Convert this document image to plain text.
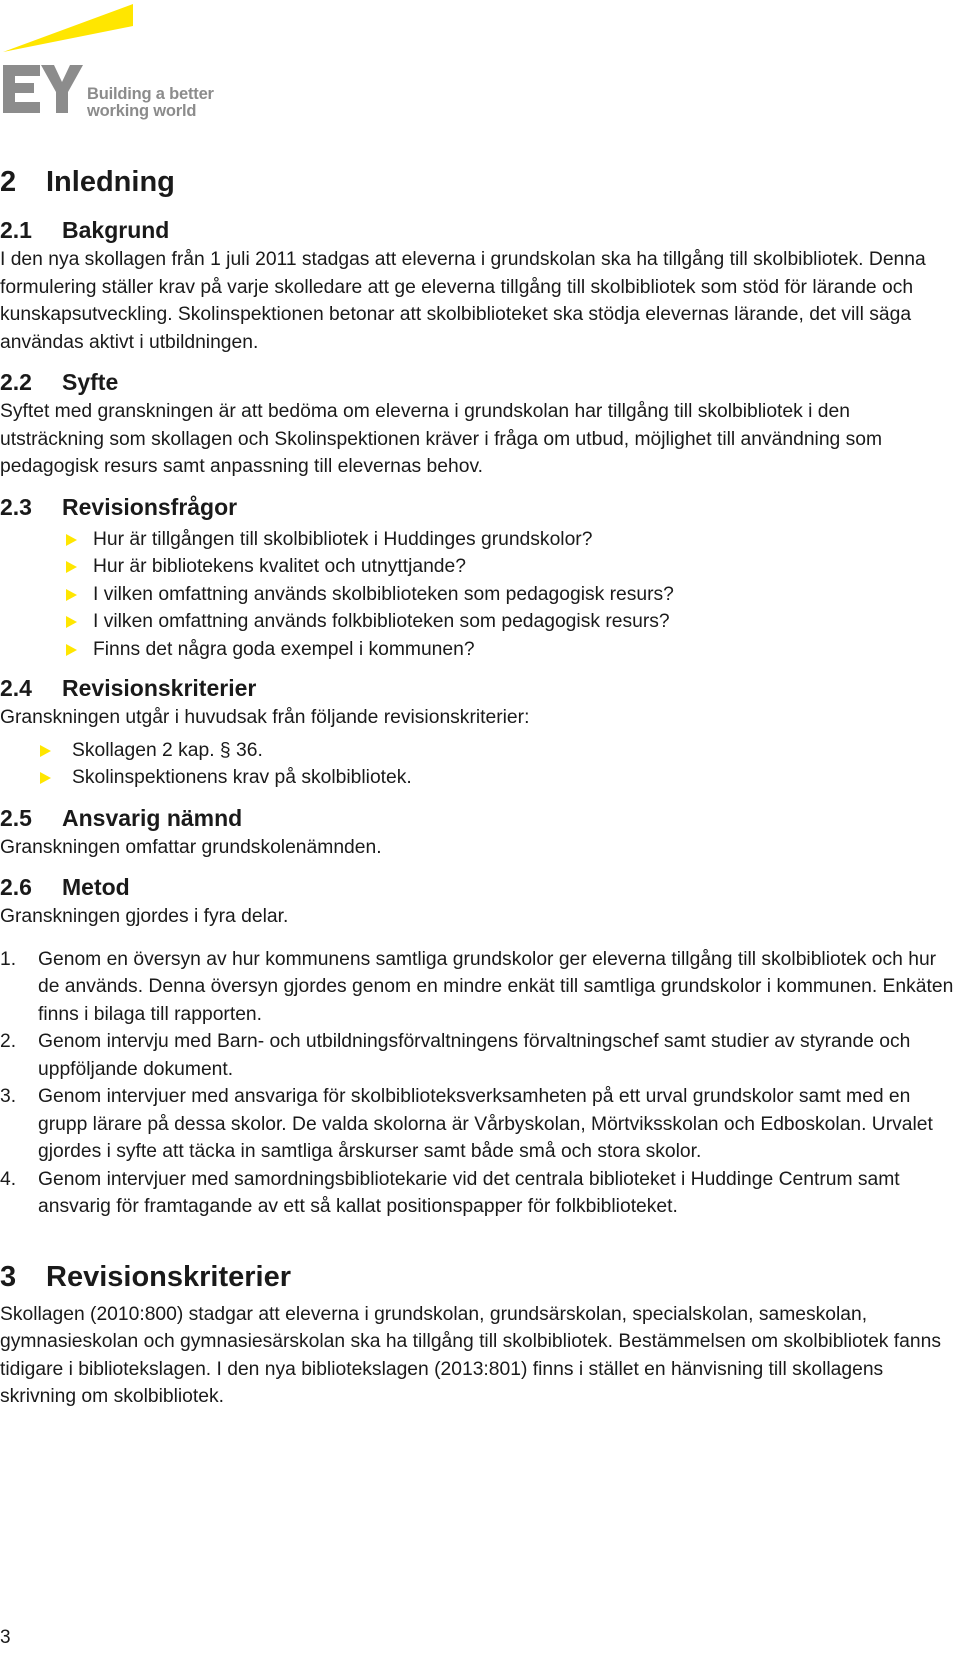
Building a better
working world
2	Inledning
2.1	Bakgrund

I den nya skollagen från 1 juli 2011 stadgas att eleverna i grundskolan ska ha tillgång till skolbibliotek. Denna formulering ställer krav på varje skolledare att ge eleverna tillgång till skolbibliotek som stöd för lärande och kunskapsutveckling. Skolinspektionen betonar att skolbiblioteket ska stödja elevernas lärande, det vill säga användas aktivt i utbildningen.

2.2	Syfte

Syftet med granskningen är att bedöma om eleverna i grundskolan har tillgång till skolbibliotek i den utsträckning som skollagen och Skolinspektionen kräver i fråga om utbud, möjlighet till användning som pedagogisk resurs samt anpassning till elevernas behov.

2.3	Revisionsfrågor
Hur är tillgången till skolbibliotek i Huddinges grundskolor?
Hur är bibliotekens kvalitet och utnyttjande?
I vilken omfattning används skolbiblioteken som pedagogisk resurs?
I vilken omfattning används folkbiblioteken som pedagogisk resurs?
Finns det några goda exempel i kommunen?
2.4	Revisionskriterier

Granskningen utgår i huvudsak från följande revisionskriterier:

Skollagen 2 kap. § 36.
Skolinspektionens krav på skolbibliotek.
2.5	Ansvarig nämnd

Granskningen omfattar grundskolenämnden.

2.6	Metod

Granskningen gjordes i fyra delar.

1. Genom en översyn av hur kommunens samtliga grundskolor ger eleverna tillgång till skolbibliotek och hur de används. Denna översyn gjordes genom en mindre enkät till samtliga grundskolor i kommunen. Enkäten finns i bilaga till rapporten.
2. Genom intervju med Barn- och utbildningsförvaltningens förvaltningschef samt studier av styrande och uppföljande dokument.
3. Genom intervjuer med ansvariga för skolbiblioteksverksamheten på ett urval grundskolor samt med en grupp lärare på dessa skolor. De valda skolorna är Vårbyskolan, Mörtviksskolan och Edboskolan. Urvalet gjordes i syfte att täcka in samtliga årskurser samt både små och stora skolor.
4. Genom intervjuer med samordningsbibliotekarie vid det centrala biblioteket i Huddinge Centrum samt ansvarig för framtagande av ett så kallat positionspapper för folkbiblioteket.
3	Revisionskriterier

Skollagen (2010:800) stadgar att eleverna i grundskolan, grundsärskolan, specialskolan, sameskolan, gymnasieskolan och gymnasiesärskolan ska ha tillgång till skolbibliotek. Bestämmelsen om skolbibliotek fanns tidigare i bibliotekslagen. I den nya bibliotekslagen (2013:801) finns i stället en hänvisning till skollagens skrivning om skolbibliotek.

3
